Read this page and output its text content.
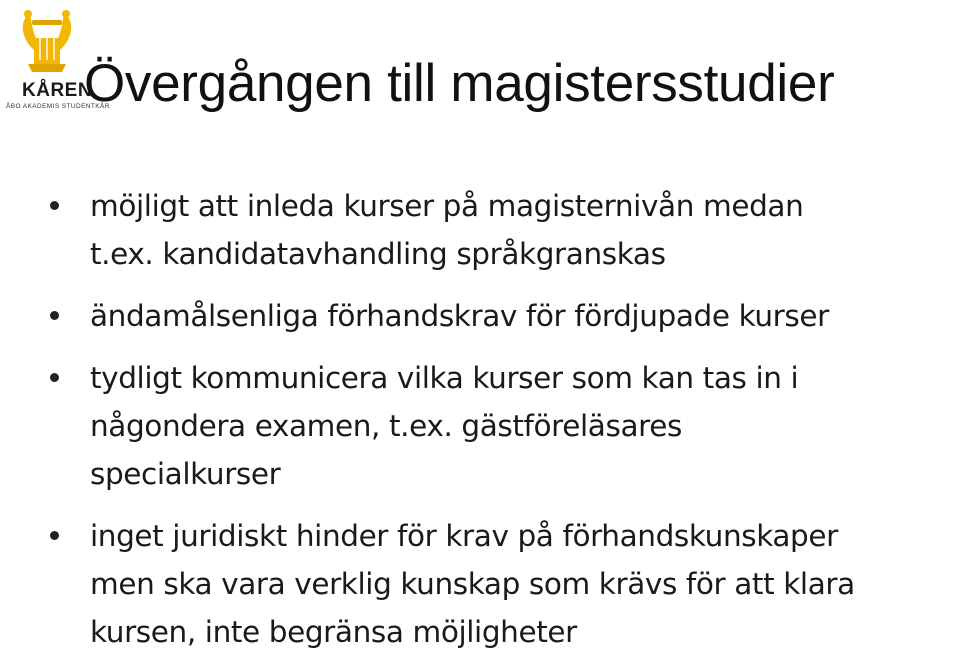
KÅREN

ÅBO AKADEMIS STUDENTKÅR

Övergången till magistersstudier
möjligt att inleda kurser på magisternivån medan
t.ex. kandidatavhandling språkgranskas
ändamålsenliga förhandskrav för fördjupade kurser
tydligt kommunicera vilka kurser som kan tas in i
någondera examen, t.ex. gästföreläsares
specialkurser
inget juridiskt hinder för krav på förhandskunskaper
men ska vara verklig kunskap som krävs för att klara
kursen, inte begränsa möjligheter
